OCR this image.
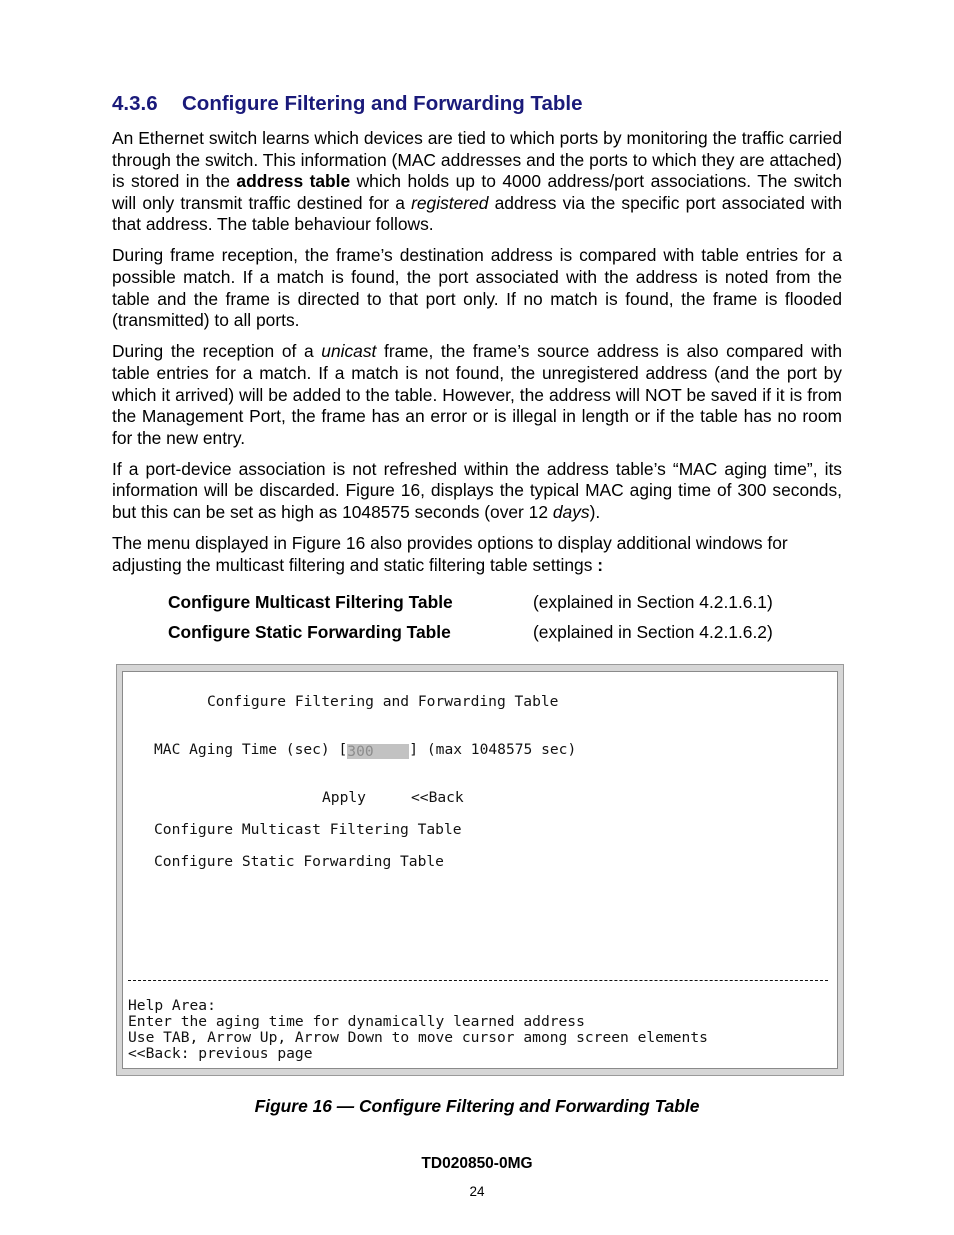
4.3.6 Configure Filtering and Forwarding Table

An Ethernet switch learns which devices are tied to which ports by monitoring the traffic carried through the switch. This information (MAC addresses and the ports to which they are attached) is stored in the address table which holds up to 4000 address/port associations. The switch will only transmit traffic destined for a registered address via the specific port associated with that address. The table behaviour follows.

During frame reception, the frame’s destination address is compared with table entries for a possible match. If a match is found, the port associated with the address is noted from the table and the frame is directed to that port only. If no match is found, the frame is flooded (transmitted) to all ports.

During the reception of a unicast frame, the frame’s source address is also compared with table entries for a match. If a match is not found, the unregistered address (and the port by which it arrived) will be added to the table. However, the address will NOT be saved if it is from the Management Port, the frame has an error or is illegal in length or if the table has no room for the new entry.

If a port-device association is not refreshed within the address table’s “MAC aging time”, its information will be discarded. Figure 16, displays the typical MAC aging time of 300 seconds, but this can be set as high as 1048575 seconds (over 12 days).

The menu displayed in Figure 16 also provides options to display additional windows for adjusting the multicast filtering and static filtering table settings :

Configure Multicast Filtering Table	(explained in Section 4.2.1.6.1)
Configure Static Forwarding Table	(explained in Section 4.2.1.6.2)
Configure Filtering and Forwarding Table
MAC Aging Time (sec) [300 ] (max 1048575 sec)
Apply	<<Back
Configure Multicast Filtering Table
Configure Static Forwarding Table
Help Area:
Enter the aging time for dynamically learned address
Use TAB, Arrow Up, Arrow Down to move cursor among screen elements
<<Back: previous page
Figure 16 — Configure Filtering and Forwarding Table
TD020850-0MG
24
